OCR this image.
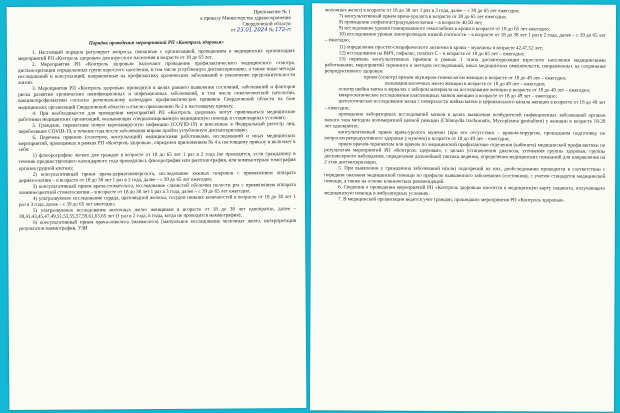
Приложение № 1
к приказу Министерства здравоохранения
Свердловской области
от 23.01.2024 № 172-п

Порядок проведения мероприятий РП «Контроль здоровья»

1. Настоящий порядок регулирует вопросы, связанные с организацией, проведением в медицинских организациях мероприятий РП «Контроль здоровья» для взрослого населения в возрасте от 18 до 65 лет.

2. Мероприятия РП «Контроль здоровья» включают проведение профилактического медицинского осмотра, диспансеризации определенных групп взрослого населения, в том числе углубленную диспансеризацию, а также иные методы исследований и консультаций, направленные на профилактику хронических заболеваний и увеличение продолжительности жизни.

3. Мероприятия РП «Контроль здоровья» проводятся в целях раннего выявления состояний, заболеваний и факторов риска развития хронических неинфекционных и инфекционных заболеваний, в том числе онкологической патологии, вакцинопрофилактики согласно региональному календарю профилактических прививок Свердловской области на базе медицинских организаций Свердловской области согласно приложению № 2 к настоящему приказу.

4. При необходимости для проведения мероприятий РП «Контроль здоровья» могут привлекаться медицинские работники медицинских организаций, оказывающих специализированную медицинскую помощь в стационарных условиях.

5. Граждане, перенесшие новую коронавирусную инфекцию (COVID-19) и внесенные в Федеральный регистр лиц, перебоевших COVID-19, в течение года после заболевания вправе пройти углубленную диспансеризацию.

6. Перечень приемов (осмотров, консультаций) медицинскими работниками, исследований и иных медицинских мероприятий, проводимых в рамках РП «Контроль здоровья», определен приложением № 4 к настоящему приказу и включает в себя:

1) флюорографию легких для граждан в возрасте от 18 до 65 лет 1 раз в 2 года (не проводится, если гражданину в течение предшествующего календарного года проводились флюорография или рентгенография, или компьютерная томография органов грудной клетки);

2) консультативный прием врача-дерматовенеролога, исследование кожных покровов с применением аппарата дерматоскопии – в возрасте от 18 до 38 лет 1 раз в 3 года, далее – с 39 до 65 лет ежегодно;

3) консультативный прием врача-стоматолога, исследование слизистой оболочки полости рта с применением аппарата люминесцентной стоматоскопии – в возрасте от 18 до 38 лет 1 раз в 3 года, далее – с 39 до 65 лет ежегодно;

4) ультразвуковое исследование сердца, щитовидной железы, сосудов нижних конечностей в возрасте от 18 до 38 лет 1 раз в 3 года, далее – с 39 до 65 лет ежегодно;

5) ультразвуковое исследование молочных желез женщинам в возрасте от 18 до 38 лет однократно, далее – 39,41,43,45,47,49,51,53,55,57,59,61,63,65 лет (1 раз в 2 года, в годы, когда не проводится маммография);

6) консультативный прием врача-онколога (маммолога) (мануальное исследование молочных желез, интерпретация результатов маммографии, УЗИ

молочных желез) в возрасте от 18 до 38 лет 1 раз в 3 года, далее – с 39 до 65 лет ежегодно;

7) консультативный прием врача-уролога в возрасте от 39 до 65 лет ежегодно;

8) проведение эзофагогастродуоденоскопии – в возрасте 40,50 лет;

9) исследование уровня гликированного гемоглобина в крови в возрасте от 18 до 65 лет ежегодно;

10) исследование уровня липопротеидов низкой плотности – в возрасте от 18 до 38 лет 1 раз в 2 года, далее – с 39 до 65 лет – ежегодно;

11) определение простат-специфического антигена в крови – мужчины в возрасте 42,47,52 лет;

12) исследование на ВИЧ, сифилис, гепатит С – в возрасте от 18 до 65 лет – ежегодно;

13) перечень консультативных приемов в рамках 1 этапа диспансеризации взрослого населения медицинскими работниками, мероприятий скрининга и методов исследований, иных медицинских вмешательств, направленных на сохранение репродуктивного здоровья:

прием (осмотр) врачом акушером-гинекологом женщин в возрасте от 18 до 49 лет – ежегодно;

пальпация молочных желез женщин в возрасте от 18 до 49 лет – ежегодно;

осмотр шейки матки в зеркалах с забором материала на исследование женщин в возрасте от 18 до 49 лет – ежегодно;

микроскопическое исследование влагалищных мазков женщин в возрасте от 18 до 49 лет – ежегодно;

цитологическое исследование мазка с поверхности шейки матки и цервикального канала женщин в возрасте от 18 до 49 лет – ежегодно;

проведение лабораторных исследований мазков в целях выявления возбудителей инфекционных заболеваний органов малого таза методом полимеразной цепной реакции (Chlamydia trachomatis, Mycoplasma genitalium) у женщин в возрасте 18-29 лет однократно;

консультативный прием врача-уролога мужчин (при его отсутствии – врачом-хирургом, прошедшим подготовку по вопросам репродуктивного здоровья у мужчин) в возрасте от 18 до 49 лет – ежегодно;

прием врачом-терапевтом или врачом по медицинской профилактике отделения (кабинета) медицинской профилактики по результатам мероприятий РП «Контроль здоровья», с целью установления диагноза, уточнения группы здоровья, группы диспансерного наблюдения, определения дальнейшей тактики ведения, определения медицинских показаний для направления на 2 этап диспансеризации.

5. При выявлении у гражданина заболеваний и(или) подозрений на них, дообследование проводится в соответствии с порядком оказания медицинской помощи по профилю выявленного заболевания (состояния), с учетом стандартов медицинской помощи, а также на основе клинических рекомендаций.

6. Сведения о проведении мероприятий РП «Контроль здоровья» вносятся в медицинскую карту пациента, получающего медицинскую помощь в амбулаторных условиях.

7. В медицинской организации ведется учет граждан, прошедших мероприятия РП «Контроль здоровья».
